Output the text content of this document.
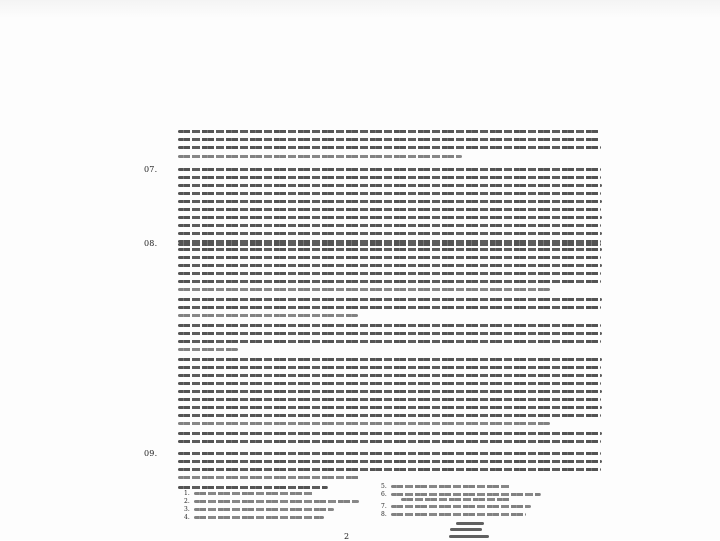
07.
08.
09.
1.
2.
3.
4.
5.
6.
7.
8.
2
